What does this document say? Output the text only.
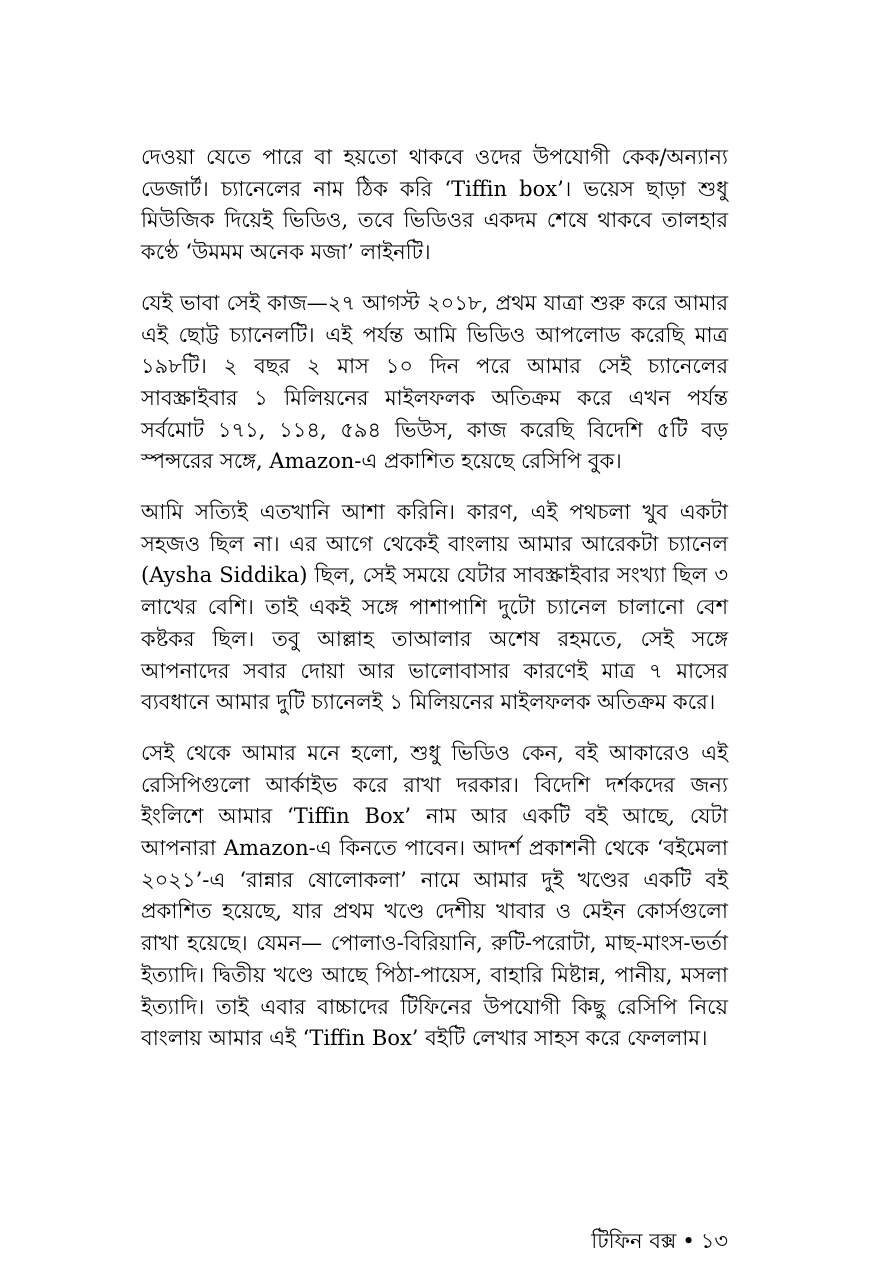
দেওয়া যেতে পারে বা হয়তো থাকবে ওদের উপযোগী কেক/অন্যান্য ডেজার্ট। চ্যানেলের নাম ঠিক করি ‘Tiffin box’। ভয়েস ছাড়া শুধু মিউজিক দিয়েই ভিডিও, তবে ভিডিওর একদম শেষে থাকবে তালহার কণ্ঠে ‘উমমম অনেক মজা’ লাইনটি।

যেই ভাবা সেই কাজ—২৭ আগস্ট ২০১৮, প্রথম যাত্রা শুরু করে আমার এই ছোট্ট চ্যানেলটি। এই পর্যন্ত আমি ভিডিও আপলোড করেছি মাত্র ১৯৮টি। ২ বছর ২ মাস ১০ দিন পরে আমার সেই চ্যানেলের সাবস্ক্রাইবার ১ মিলিয়নের মাইলফলক অতিক্রম করে এখন পর্যন্ত সর্বমোট ১৭১, ১১৪, ৫৯৪ ভিউস, কাজ করেছি বিদেশি ৫টি বড় স্পন্সরের সঙ্গে, Amazon-এ প্রকাশিত হয়েছে রেসিপি বুক।

আমি সত্যিই এতখানি আশা করিনি। কারণ, এই পথচলা খুব একটা সহজও ছিল না। এর আগে থেকেই বাংলায় আমার আরেকটা চ্যানেল (Aysha Siddika) ছিল, সেই সময়ে যেটার সাবস্ক্রাইবার সংখ্যা ছিল ৩ লাখের বেশি। তাই একই সঙ্গে পাশাপাশি দুটো চ্যানেল চালানো বেশ কষ্টকর ছিল। তবু আল্লাহ তাআলার অশেষ রহমতে, সেই সঙ্গে আপনাদের সবার দোয়া আর ভালোবাসার কারণেই মাত্র ৭ মাসের ব্যবধানে আমার দুটি চ্যানেলই ১ মিলিয়নের মাইলফলক অতিক্রম করে।

সেই থেকে আমার মনে হলো, শুধু ভিডিও কেন, বই আকারেও এই রেসিপিগুলো আর্কাইভ করে রাখা দরকার। বিদেশি দর্শকদের জন্য ইংলিশে আমার ‘Tiffin Box’ নাম আর একটি বই আছে, যেটা আপনারা Amazon-এ কিনতে পাবেন। আদর্শ প্রকাশনী থেকে ‘বইমেলা ২০২১’-এ ‘রান্নার ষোলোকলা’ নামে আমার দুই খণ্ডের একটি বই প্রকাশিত হয়েছে, যার প্রথম খণ্ডে দেশীয় খাবার ও মেইন কোর্সগুলো রাখা হয়েছে। যেমন— পোলাও-বিরিয়ানি, রুটি-পরোটা, মাছ-মাংস-ভর্তা ইত্যাদি। দ্বিতীয় খণ্ডে আছে পিঠা-পায়েস, বাহারি মিষ্টান্ন, পানীয়, মসলা ইত্যাদি। তাই এবার বাচ্চাদের টিফিনের উপযোগী কিছু রেসিপি নিয়ে বাংলায় আমার এই ‘Tiffin Box’ বইটি লেখার সাহস করে ফেললাম।

টিফিন বক্স • ১৩
